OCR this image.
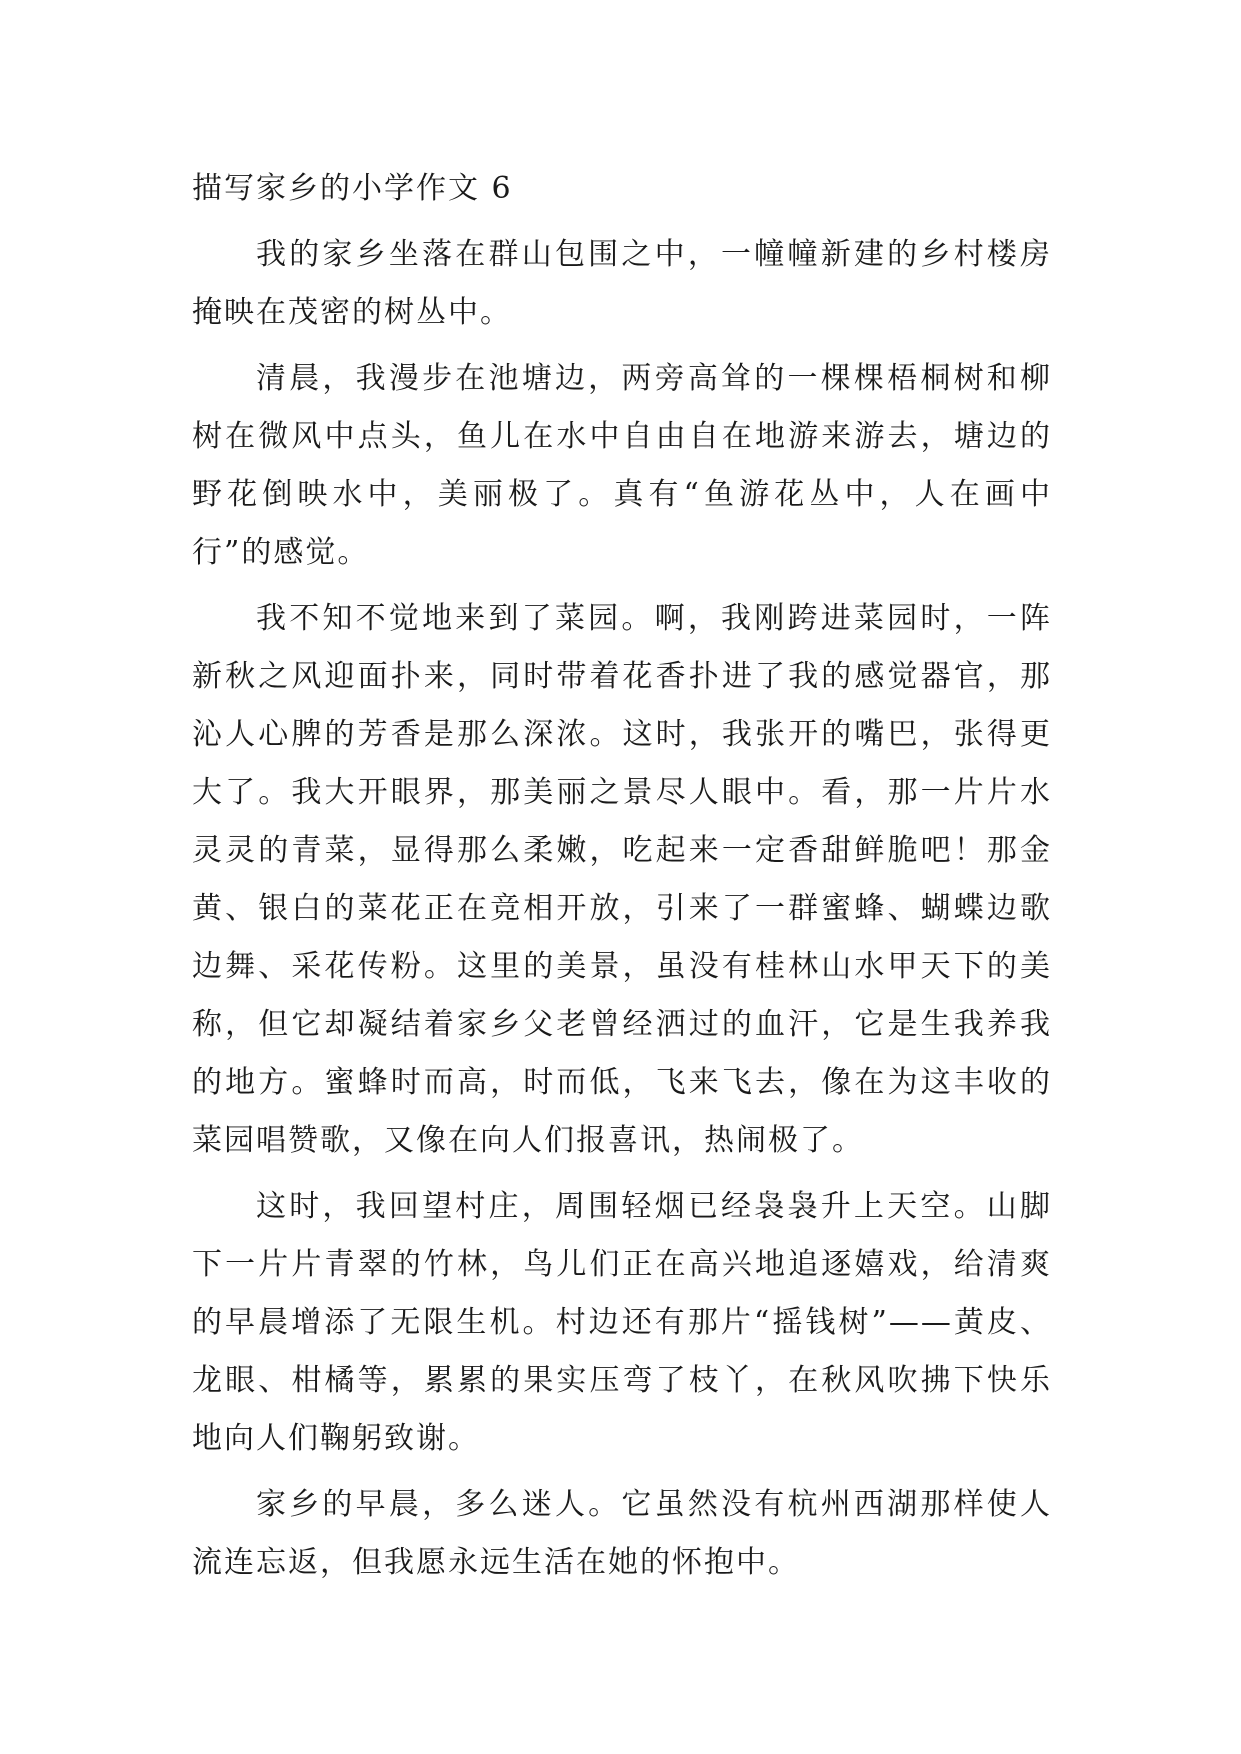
描写家乡的小学作文 6

我的家乡坐落在群山包围之中，一幢幢新建的乡村楼房掩映在茂密的树丛中。

清晨，我漫步在池塘边，两旁高耸的一棵棵梧桐树和柳树在微风中点头，鱼儿在水中自由自在地游来游去，塘边的野花倒映水中，美丽极了。真有“鱼游花丛中，人在画中行”的感觉。

我不知不觉地来到了菜园。啊，我刚跨进菜园时，一阵新秋之风迎面扑来，同时带着花香扑进了我的感觉器官，那沁人心脾的芳香是那么深浓。这时，我张开的嘴巴，张得更大了。我大开眼界，那美丽之景尽人眼中。看，那一片片水灵灵的青菜，显得那么柔嫩，吃起来一定香甜鲜脆吧！那金黄、银白的菜花正在竞相开放，引来了一群蜜蜂、蝴蝶边歌边舞、采花传粉。这里的美景，虽没有桂林山水甲天下的美称，但它却凝结着家乡父老曾经洒过的血汗，它是生我养我的地方。蜜蜂时而高，时而低，飞来飞去，像在为这丰收的菜园唱赞歌，又像在向人们报喜讯，热闹极了。

这时，我回望村庄，周围轻烟已经袅袅升上天空。山脚下一片片青翠的竹林，鸟儿们正在高兴地追逐嬉戏，给清爽的早晨增添了无限生机。村边还有那片“摇钱树”——黄皮、龙眼、柑橘等，累累的果实压弯了枝丫，在秋风吹拂下快乐地向人们鞠躬致谢。

家乡的早晨，多么迷人。它虽然没有杭州西湖那样使人流连忘返，但我愿永远生活在她的怀抱中。
